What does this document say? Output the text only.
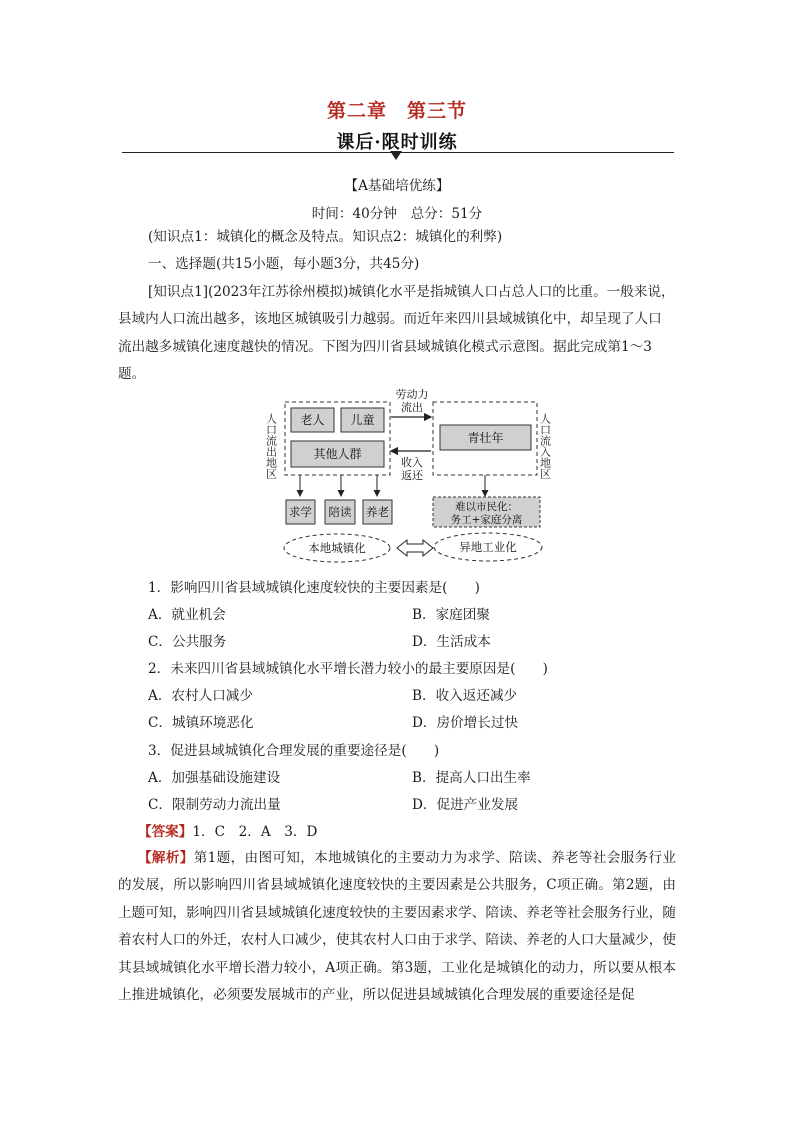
第二章　第三节
课后·限时训练
【A基础培优练】
时间：40分钟　总分：51分
(知识点1：城镇化的概念及特点。知识点2：城镇化的利弊)
一、选择题(共15小题，每小题3分，共45分)
[知识点1](2023年江苏徐州模拟)城镇化水平是指城镇人口占总人口的比重。一般来说，
县域内人口流出越多，该地区城镇吸引力越弱。而近年来四川县域城镇化中，却呈现了人口
流出越多城镇化速度越快的情况。下图为四川省县域城镇化模式示意图。据此完成第1～3
题。
人口流出地区 老人 儿童
其他人群
劳动力
流出
收入
返还
青壮年	人口流入地区
求学 陪读 养老	难以市民化：
务工+家庭分离
本地城镇化	异地工业化
1．影响四川省县域城镇化速度较快的主要因素是(　　)
A．就业机会	B．家庭团聚
C．公共服务	D．生活成本
2．未来四川省县域城镇化水平增长潜力较小的最主要原因是(　　)
A．农村人口减少	B．收入返还减少
C．城镇环境恶化	D．房价增长过快
3．促进县域城镇化合理发展的重要途径是(　　)
A．加强基础设施建设	B．提高人口出生率
C．限制劳动力流出量	D．促进产业发展
【答案】1．C　2．A　3．D
【解析】第1题，由图可知，本地城镇化的主要动力为求学、陪读、养老等社会服务行业的发展，所以影响四川省县域城镇化速度较快的主要因素是公共服务，C项正确。第2题，由上题可知，影响四川省县域城镇化速度较快的主要因素求学、陪读、养老等社会服务行业，随着农村人口的外迁，农村人口减少，使其农村人口由于求学、陪读、养老的人口大量减少，使其县域城镇化水平增长潜力较小，A项正确。第3题，工业化是城镇化的动力，所以要从根本上推进城镇化，必须要发展城市的产业，所以促进县域城镇化合理发展的重要途径是促
